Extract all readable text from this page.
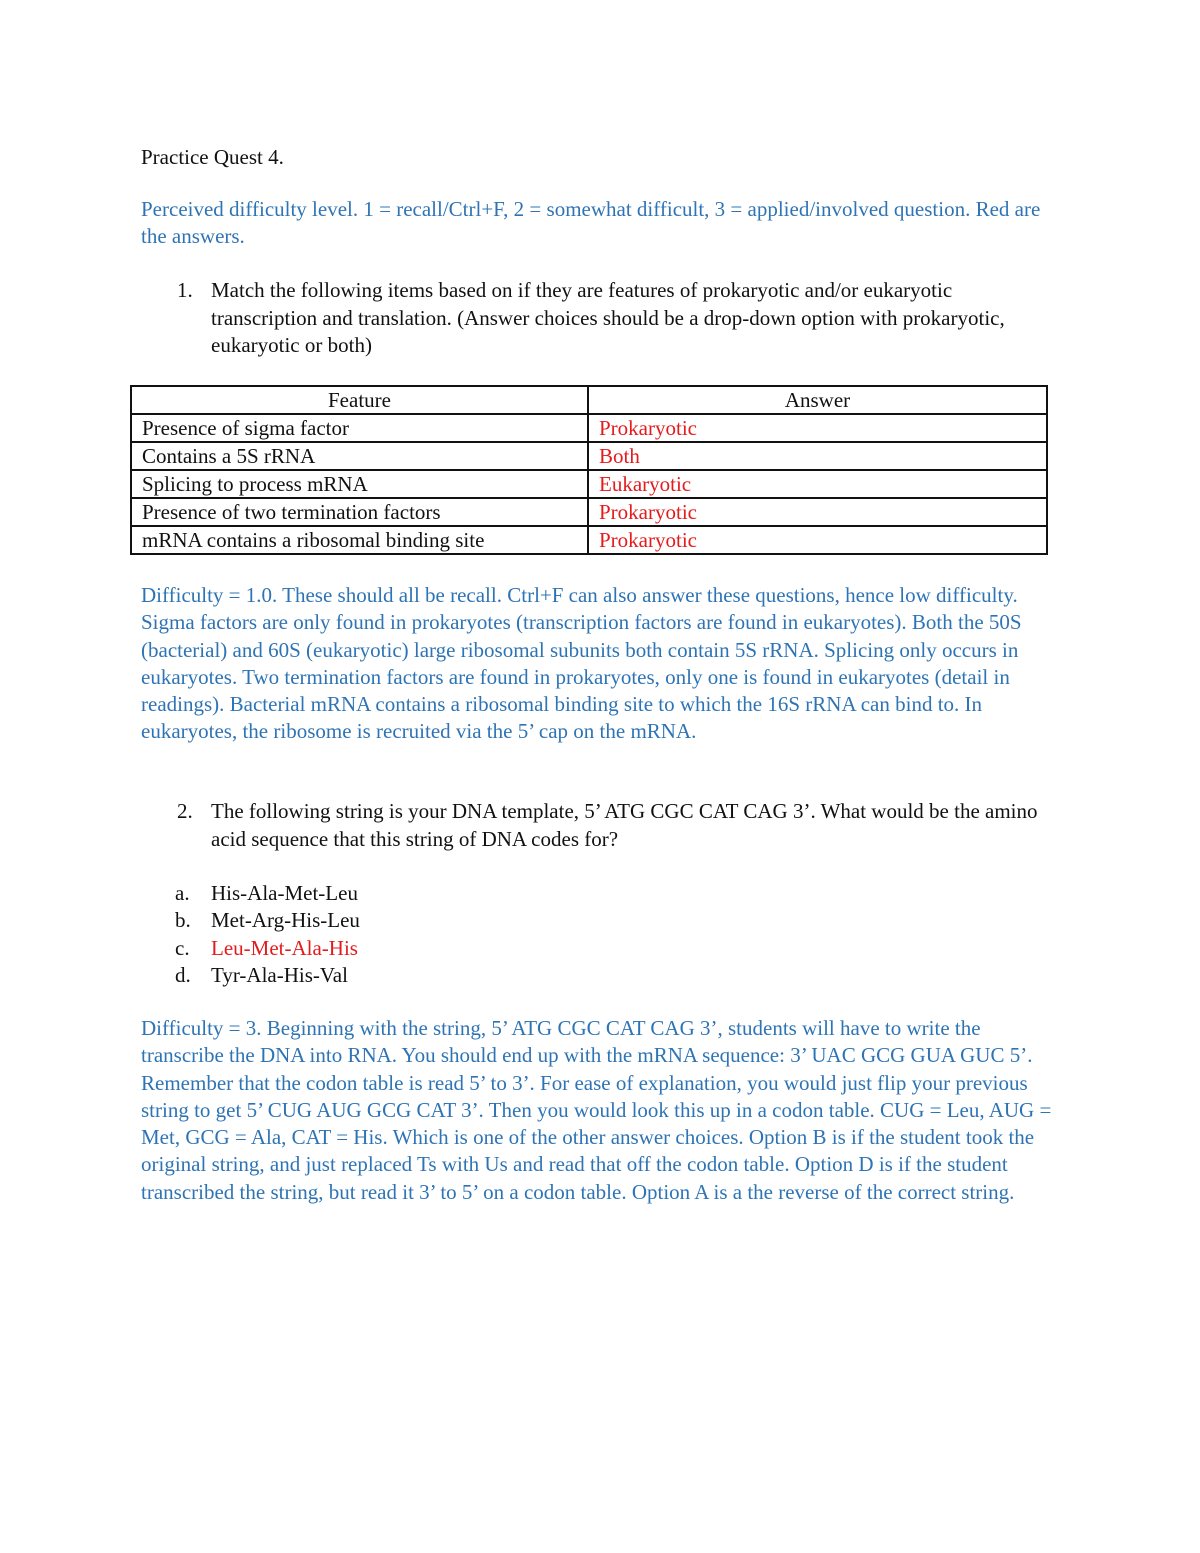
Practice Quest 4.
Perceived difficulty level. 1 = recall/Ctrl+F, 2 = somewhat difficult, 3 = applied/involved question. Red are the answers.
1. Match the following items based on if they are features of prokaryotic and/or eukaryotic transcription and translation. (Answer choices should be a drop-down option with prokaryotic, eukaryotic or both)
Feature	Answer
Presence of sigma factor	Prokaryotic
Contains a 5S rRNA	Both
Splicing to process mRNA	Eukaryotic
Presence of two termination factors	Prokaryotic
mRNA contains a ribosomal binding site	Prokaryotic
Difficulty = 1.0. These should all be recall. Ctrl+F can also answer these questions, hence low difficulty. Sigma factors are only found in prokaryotes (transcription factors are found in eukaryotes). Both the 50S (bacterial) and 60S (eukaryotic) large ribosomal subunits both contain 5S rRNA. Splicing only occurs in eukaryotes. Two termination factors are found in prokaryotes, only one is found in eukaryotes (detail in readings). Bacterial mRNA contains a ribosomal binding site to which the 16S rRNA can bind to. In eukaryotes, the ribosome is recruited via the 5’ cap on the mRNA.
2. The following string is your DNA template, 5’ ATG CGC CAT CAG 3’. What would be the amino acid sequence that this string of DNA codes for?
a. His-Ala-Met-Leu
b. Met-Arg-His-Leu
c. Leu-Met-Ala-His
d. Tyr-Ala-His-Val
Difficulty = 3. Beginning with the string, 5’ ATG CGC CAT CAG 3’, students will have to write the transcribe the DNA into RNA. You should end up with the mRNA sequence: 3’ UAC GCG GUA GUC 5’. Remember that the codon table is read 5’ to 3’. For ease of explanation, you would just flip your previous string to get 5’ CUG AUG GCG CAT 3’. Then you would look this up in a codon table. CUG = Leu, AUG = Met, GCG = Ala, CAT = His. Which is one of the other answer choices. Option B is if the student took the original string, and just replaced Ts with Us and read that off the codon table. Option D is if the student transcribed the string, but read it 3’ to 5’ on a codon table. Option A is a the reverse of the correct string.
